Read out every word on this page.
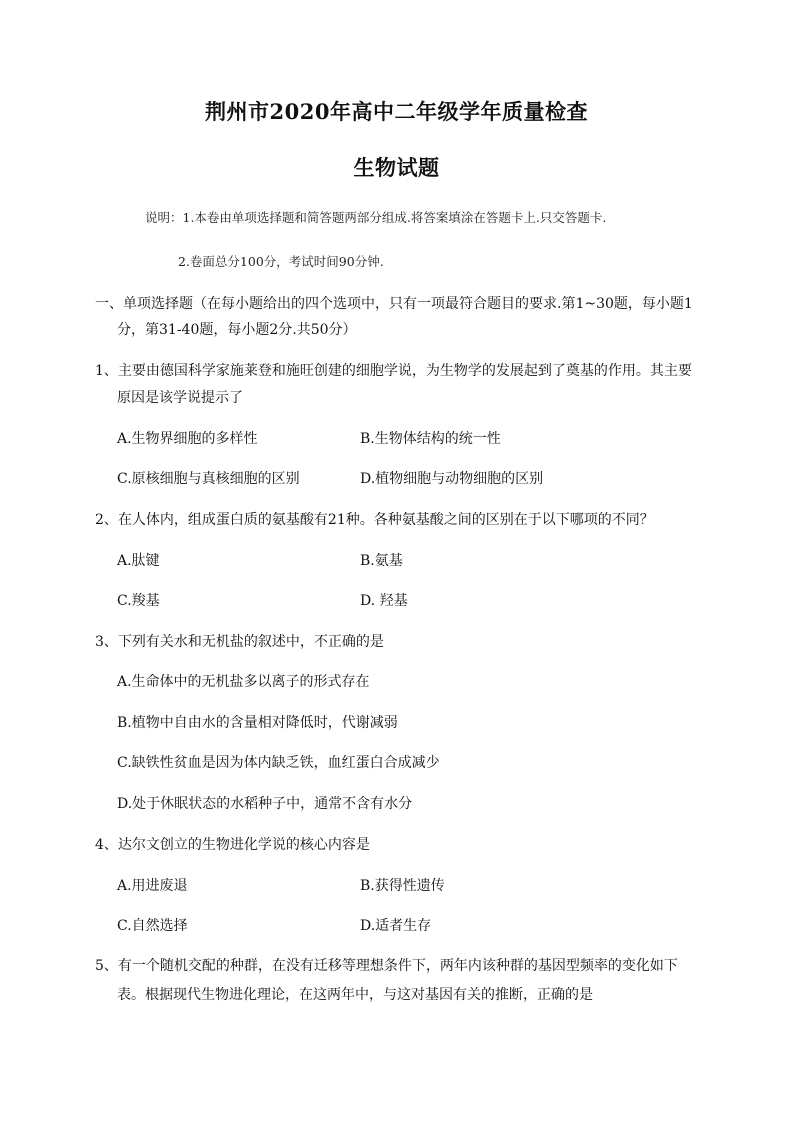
荆州市2020年高中二年级学年质量检查
生物试题
说明：1.本卷由单项选择题和简答题两部分组成.将答案填涂在答题卡上.只交答题卡.
2.卷面总分100分，考试时间90分钟.
一、单项选择题（在每小题给出的四个选项中，只有一项最符合题目的要求.第1~30题，每小题1
分，第31-40题，每小题2分.共50分）
1、主要由德国科学家施莱登和施旺创建的细胞学说，为生物学的发展起到了奠基的作用。其主要
原因是该学说提示了
A.生物界细胞的多样性	B.生物体结构的统一性
C.原核细胞与真核细胞的区别	D.植物细胞与动物细胞的区别
2、在人体内，组成蛋白质的氨基酸有21种。各种氨基酸之间的区别在于以下哪项的不同？
A.肽键	B.氨基
C.羧基	D. 羟基
3、下列有关水和无机盐的叙述中，不正确的是
A.生命体中的无机盐多以离子的形式存在
B.植物中自由水的含量相对降低时，代谢减弱
C.缺铁性贫血是因为体内缺乏铁，血红蛋白合成减少
D.处于休眠状态的水稻种子中，通常不含有水分
4、达尔文创立的生物进化学说的核心内容是
A.用进废退	B.获得性遗传
C.自然选择	D.适者生存
5、有一个随机交配的种群，在没有迁移等理想条件下，两年内该种群的基因型频率的变化如下
表。根据现代生物进化理论，在这两年中，与这对基因有关的推断，正确的是
